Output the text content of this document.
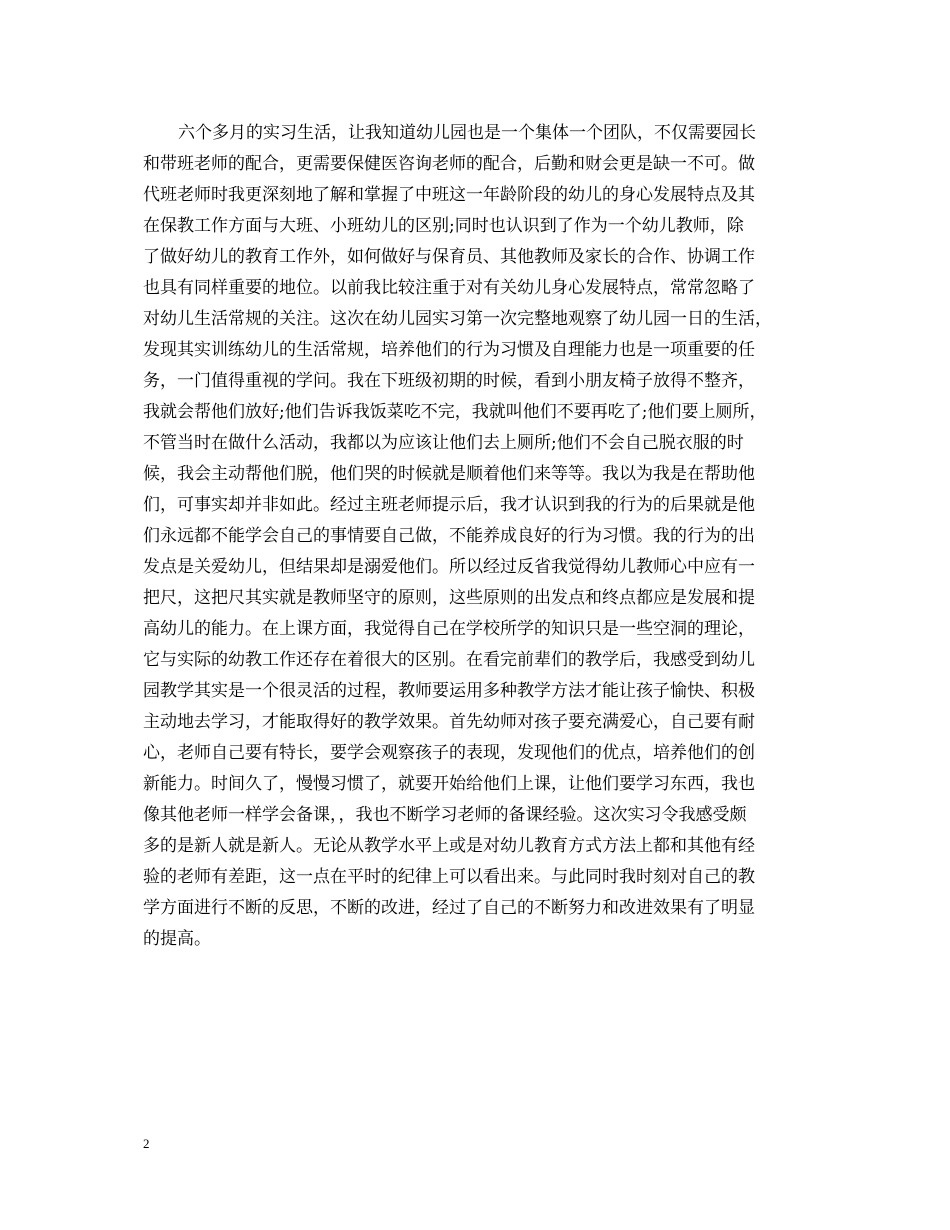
六个多月的实习生活，让我知道幼儿园也是一个集体一个团队，不仅需要园长
和带班老师的配合，更需要保健医咨询老师的配合，后勤和财会更是缺一不可。做
代班老师时我更深刻地了解和掌握了中班这一年龄阶段的幼儿的身心发展特点及其
在保教工作方面与大班、小班幼儿的区别;同时也认识到了作为一个幼儿教师，除
了做好幼儿的教育工作外，如何做好与保育员、其他教师及家长的合作、协调工作
也具有同样重要的地位。以前我比较注重于对有关幼儿身心发展特点，常常忽略了
对幼儿生活常规的关注。这次在幼儿园实习第一次完整地观察了幼儿园一日的生活，
发现其实训练幼儿的生活常规，培养他们的行为习惯及自理能力也是一项重要的任
务，一门值得重视的学问。我在下班级初期的时候，看到小朋友椅子放得不整齐，
我就会帮他们放好;他们告诉我饭菜吃不完，我就叫他们不要再吃了;他们要上厕所，
不管当时在做什么活动，我都以为应该让他们去上厕所;他们不会自己脱衣服的时
候，我会主动帮他们脱，他们哭的时候就是顺着他们来等等。我以为我是在帮助他
们，可事实却并非如此。经过主班老师提示后，我才认识到我的行为的后果就是他
们永远都不能学会自己的事情要自己做，不能养成良好的行为习惯。我的行为的出
发点是关爱幼儿，但结果却是溺爱他们。所以经过反省我觉得幼儿教师心中应有一
把尺，这把尺其实就是教师坚守的原则，这些原则的出发点和终点都应是发展和提
高幼儿的能力。在上课方面，我觉得自己在学校所学的知识只是一些空洞的理论，
它与实际的幼教工作还存在着很大的区别。在看完前辈们的教学后，我感受到幼儿
园教学其实是一个很灵活的过程，教师要运用多种教学方法才能让孩子愉快、积极
主动地去学习，才能取得好的教学效果。首先幼师对孩子要充满爱心，自己要有耐
心，老师自己要有特长，要学会观察孩子的表现，发现他们的优点，培养他们的创
新能力。时间久了，慢慢习惯了，就要开始给他们上课，让他们要学习东西，我也
像其他老师一样学会备课，，我也不断学习老师的备课经验。这次实习令我感受颇
多的是新人就是新人。无论从教学水平上或是对幼儿教育方式方法上都和其他有经
验的老师有差距，这一点在平时的纪律上可以看出来。与此同时我时刻对自己的教
学方面进行不断的反思，不断的改进，经过了自己的不断努力和改进效果有了明显
的提高。
2
